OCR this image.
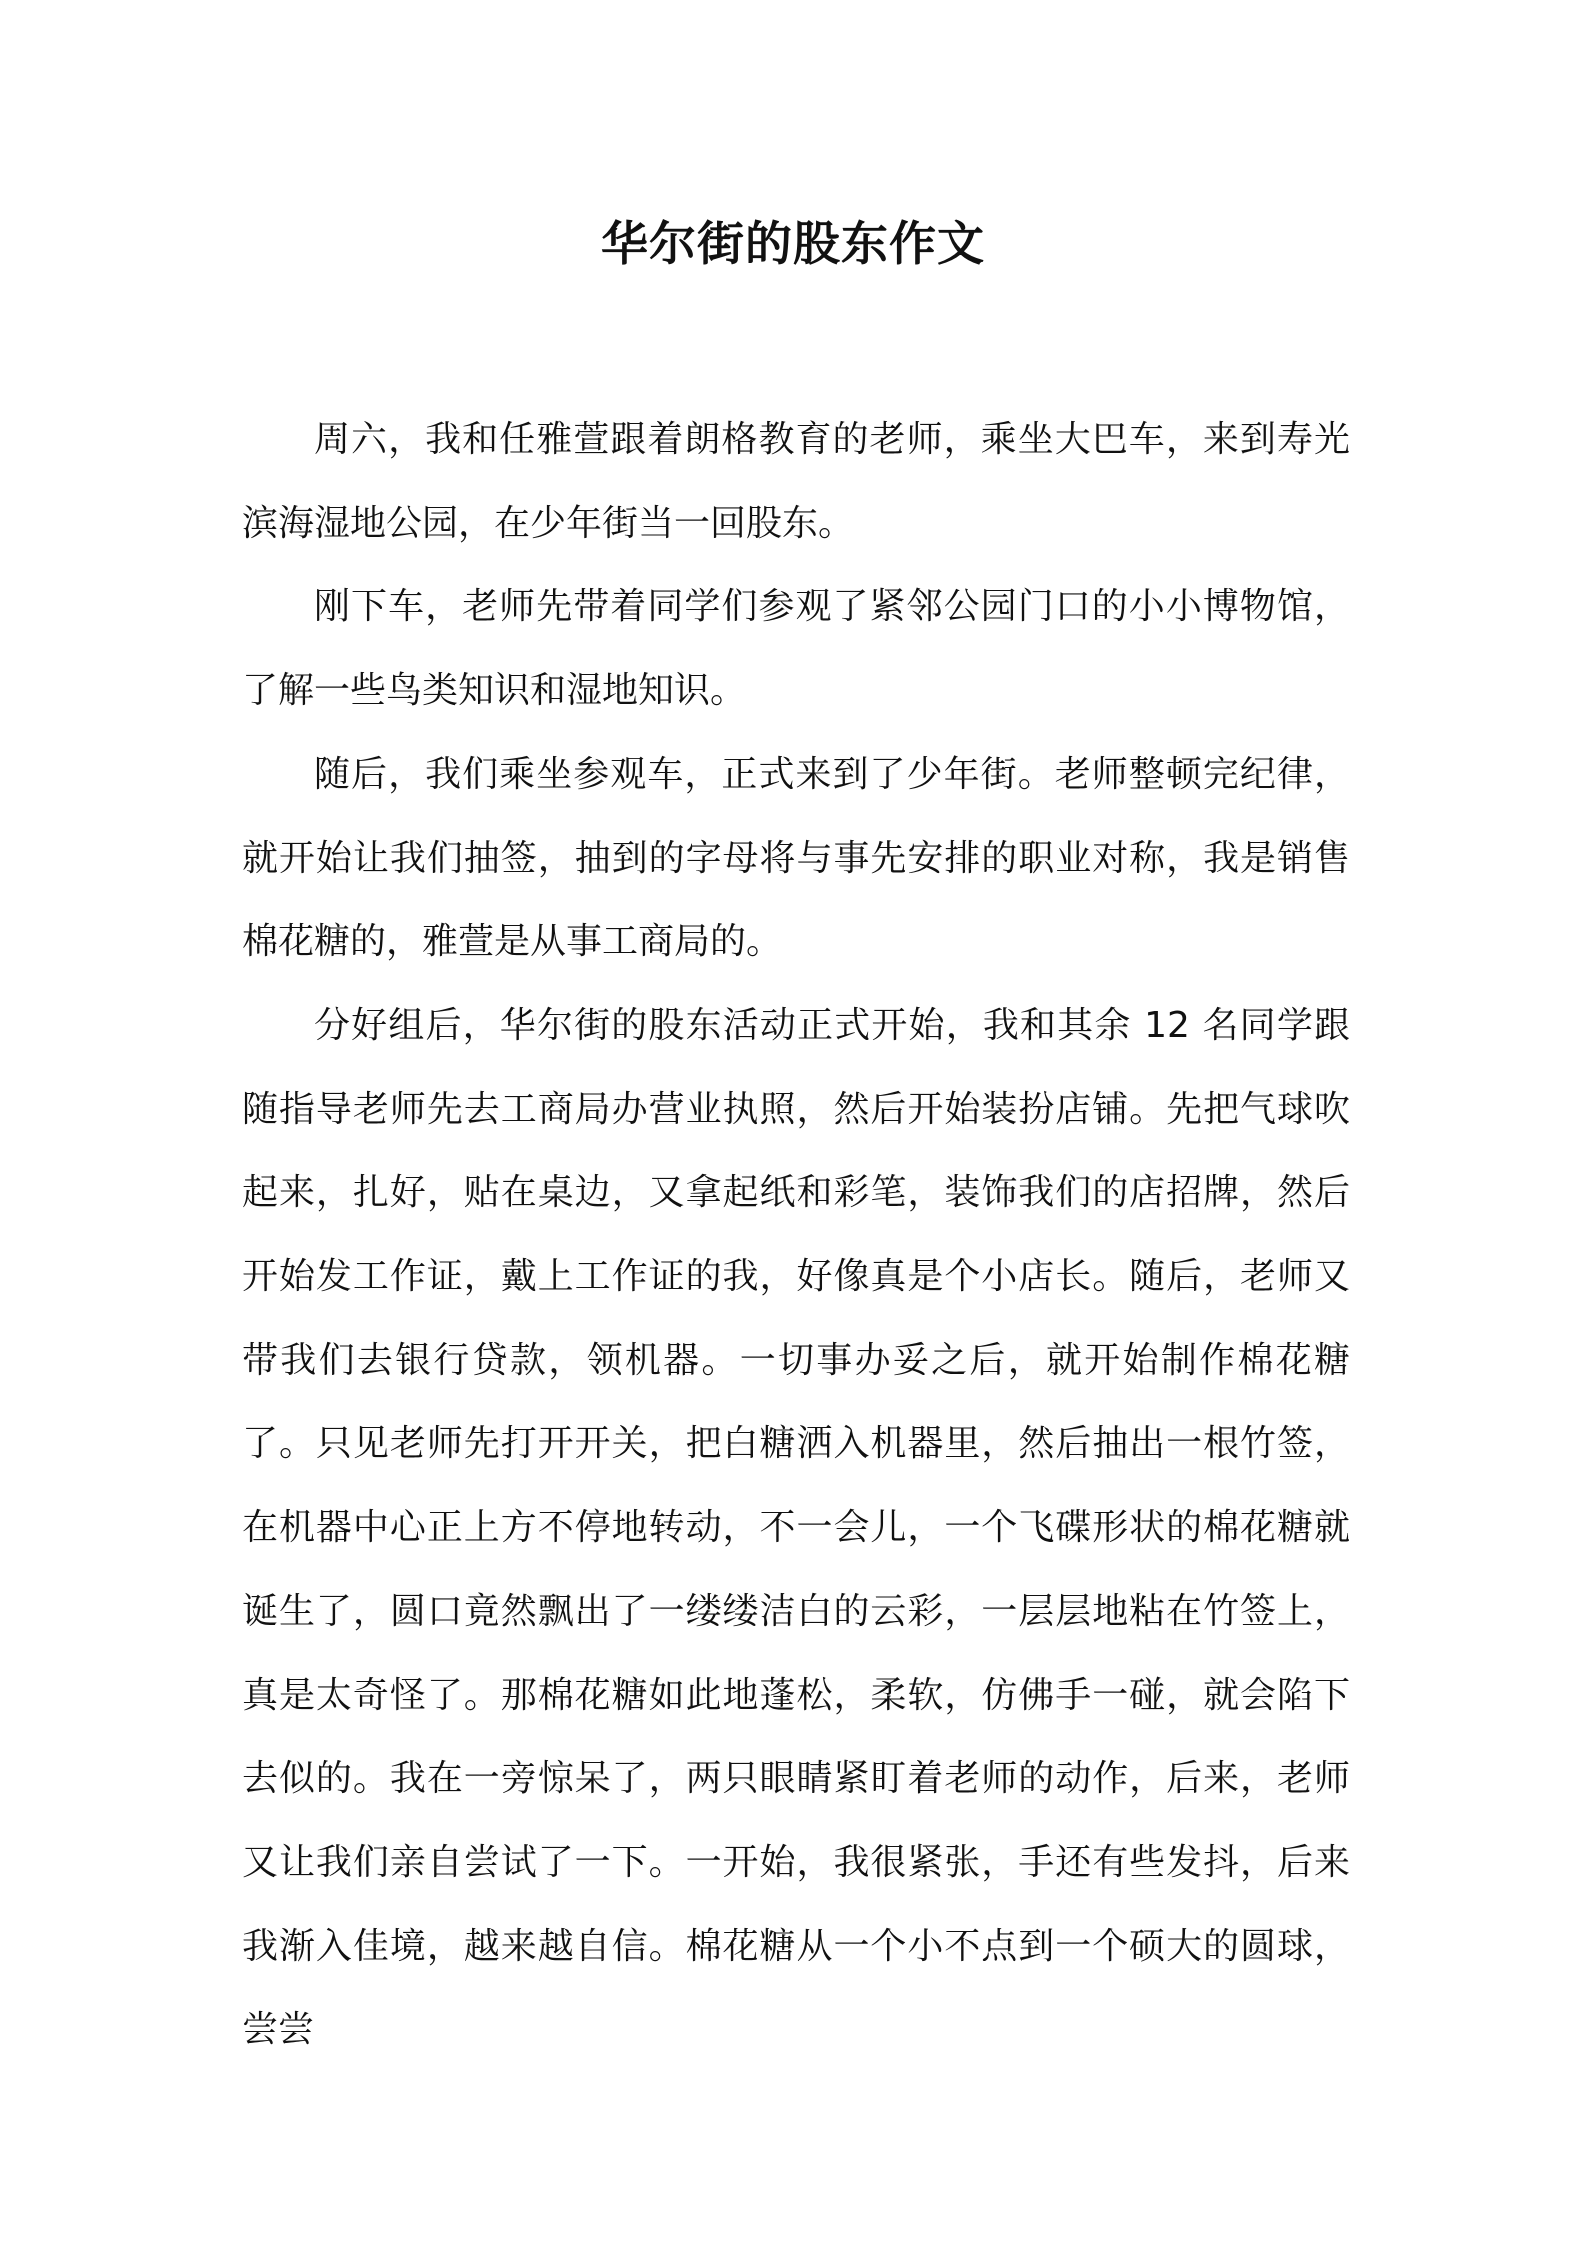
华尔街的股东作文

周六，我和任雅萱跟着朗格教育的老师，乘坐大巴车，来到寿光滨海湿地公园，在少年街当一回股东。

刚下车，老师先带着同学们参观了紧邻公园门口的小小博物馆，了解一些鸟类知识和湿地知识。

随后，我们乘坐参观车，正式来到了少年街。老师整顿完纪律，就开始让我们抽签，抽到的字母将与事先安排的职业对称，我是销售棉花糖的，雅萱是从事工商局的。

分好组后，华尔街的股东活动正式开始，我和其余 12 名同学跟随指导老师先去工商局办营业执照，然后开始装扮店铺。先把气球吹起来，扎好，贴在桌边，又拿起纸和彩笔，装饰我们的店招牌，然后开始发工作证，戴上工作证的我，好像真是个小店长。随后，老师又带我们去银行贷款，领机器。一切事办妥之后，就开始制作棉花糖了。只见老师先打开开关，把白糖洒入机器里，然后抽出一根竹签，在机器中心正上方不停地转动，不一会儿，一个飞碟形状的棉花糖就诞生了，圆口竟然飘出了一缕缕洁白的云彩，一层层地粘在竹签上，真是太奇怪了。那棉花糖如此地蓬松，柔软，仿佛手一碰，就会陷下去似的。我在一旁惊呆了，两只眼睛紧盯着老师的动作，后来，老师又让我们亲自尝试了一下。一开始，我很紧张，手还有些发抖，后来我渐入佳境，越来越自信。棉花糖从一个小不点到一个硕大的圆球，尝尝
